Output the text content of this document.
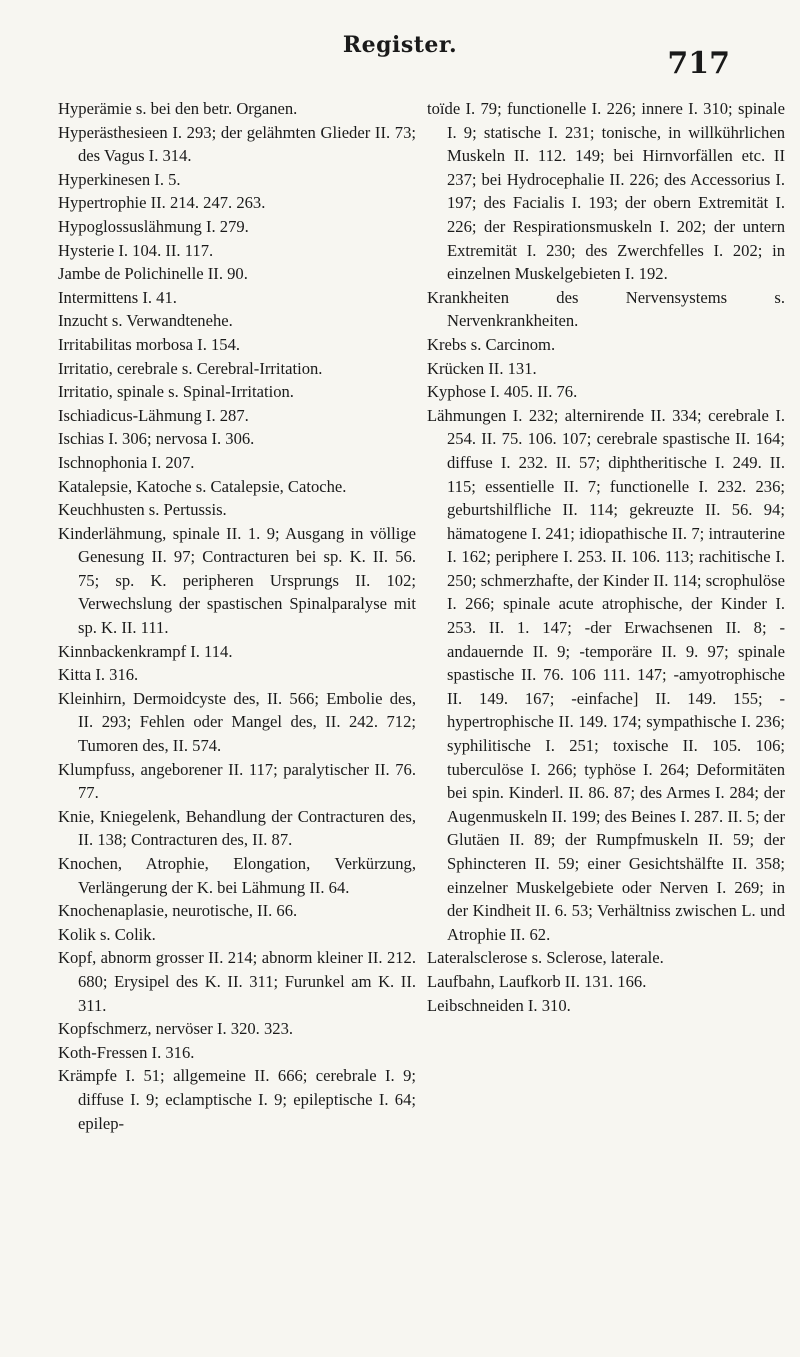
Register.
717

Hyperämie s. bei den betr. Organen.

Hyperästhesieen I. 293; der gelähmten Glieder II. 73; des Vagus I. 314.

Hyperkinesen I. 5.

Hypertrophie II. 214. 247. 263.

Hypoglossuslähmung I. 279.

Hysterie I. 104. II. 117.

Jambe de Polichinelle II. 90.

Intermittens I. 41.

Inzucht s. Verwandtenehe.

Irritabilitas morbosa I. 154.

Irritatio, cerebrale s. Cerebral-Irritation.

Irritatio, spinale s. Spinal-Irritation.

Ischiadicus-Lähmung I. 287.

Ischias I. 306; nervosa I. 306.

Ischnophonia I. 207.

Katalepsie, Katoche s. Catalepsie, Catoche.

Keuchhusten s. Pertussis.

Kinderlähmung, spinale II. 1. 9; Ausgang in völlige Genesung II. 97; Contracturen bei sp. K. II. 56. 75; sp. K. peripheren Ursprungs II. 102; Verwechslung der spastischen Spinalparalyse mit sp. K. II. 111.

Kinnbackenkrampf I. 114.

Kitta I. 316.

Kleinhirn, Dermoidcyste des, II. 566; Embolie des, II. 293; Fehlen oder Mangel des, II. 242. 712; Tumoren des, II. 574.

Klumpfuss, angeborener II. 117; paralytischer II. 76. 77.

Knie, Kniegelenk, Behandlung der Contracturen des, II. 138; Contracturen des, II. 87.

Knochen, Atrophie, Elongation, Verkürzung, Verlängerung der K. bei Lähmung II. 64.

Knochenaplasie, neurotische, II. 66.

Kolik s. Colik.

Kopf, abnorm grosser II. 214; abnorm kleiner II. 212. 680; Erysipel des K. II. 311; Furunkel am K. II. 311.

Kopfschmerz, nervöser I. 320. 323.

Koth-Fressen I. 316.

Krämpfe I. 51; allgemeine II. 666; cerebrale I. 9; diffuse I. 9; eclamptische I. 9; epileptische I. 64; epilep-

toïde I. 79; functionelle I. 226; innere I. 310; spinale I. 9; statische I. 231; tonische, in willkührlichen Muskeln II. 112. 149; bei Hirnvorfällen etc. II 237; bei Hydrocephalie II. 226; des Accessorius I. 197; des Facialis I. 193; der obern Extremität I. 226; der Respirationsmuskeln I. 202; der untern Extremität I. 230; des Zwerchfelles I. 202; in einzelnen Muskelgebieten I. 192.

Krankheiten des Nervensystems s. Nervenkrankheiten.

Krebs s. Carcinom.

Krücken II. 131.

Kyphose I. 405. II. 76.

Lähmungen I. 232; alternirende II. 334; cerebrale I. 254. II. 75. 106. 107; cerebrale spastische II. 164; diffuse I. 232. II. 57; diphtheritische I. 249. II. 115; essentielle II. 7; functionelle I. 232. 236; geburtshilfliche II. 114; gekreuzte II. 56. 94; hämatogene I. 241; idiopathische II. 7; intrauterine I. 162; periphere I. 253. II. 106. 113; rachitische I. 250; schmerzhafte, der Kinder II. 114; scrophulöse I. 266; spinale acute atrophische, der Kinder I. 253. II. 1. 147; -der Erwachsenen II. 8; -andauernde II. 9; -temporäre II. 9. 97; spinale spastische II. 76. 106 111. 147; -amyotrophische II. 149. 167; -einfache] II. 149. 155; -hypertrophische II. 149. 174; sympathische I. 236; syphilitische I. 251; toxische II. 105. 106; tuberculöse I. 266; typhöse I. 264; Deformitäten bei spin. Kinderl. II. 86. 87; des Armes I. 284; der Augenmuskeln II. 199; des Beines I. 287. II. 5; der Glutäen II. 89; der Rumpfmuskeln II. 59; der Sphincteren II. 59; einer Gesichtshälfte II. 358; einzelner Muskelgebiete oder Nerven I. 269; in der Kindheit II. 6. 53; Verhältniss zwischen L. und Atrophie II. 62.

Lateralsclerose s. Sclerose, laterale.

Laufbahn, Laufkorb II. 131. 166.

Leibschneiden I. 310.
